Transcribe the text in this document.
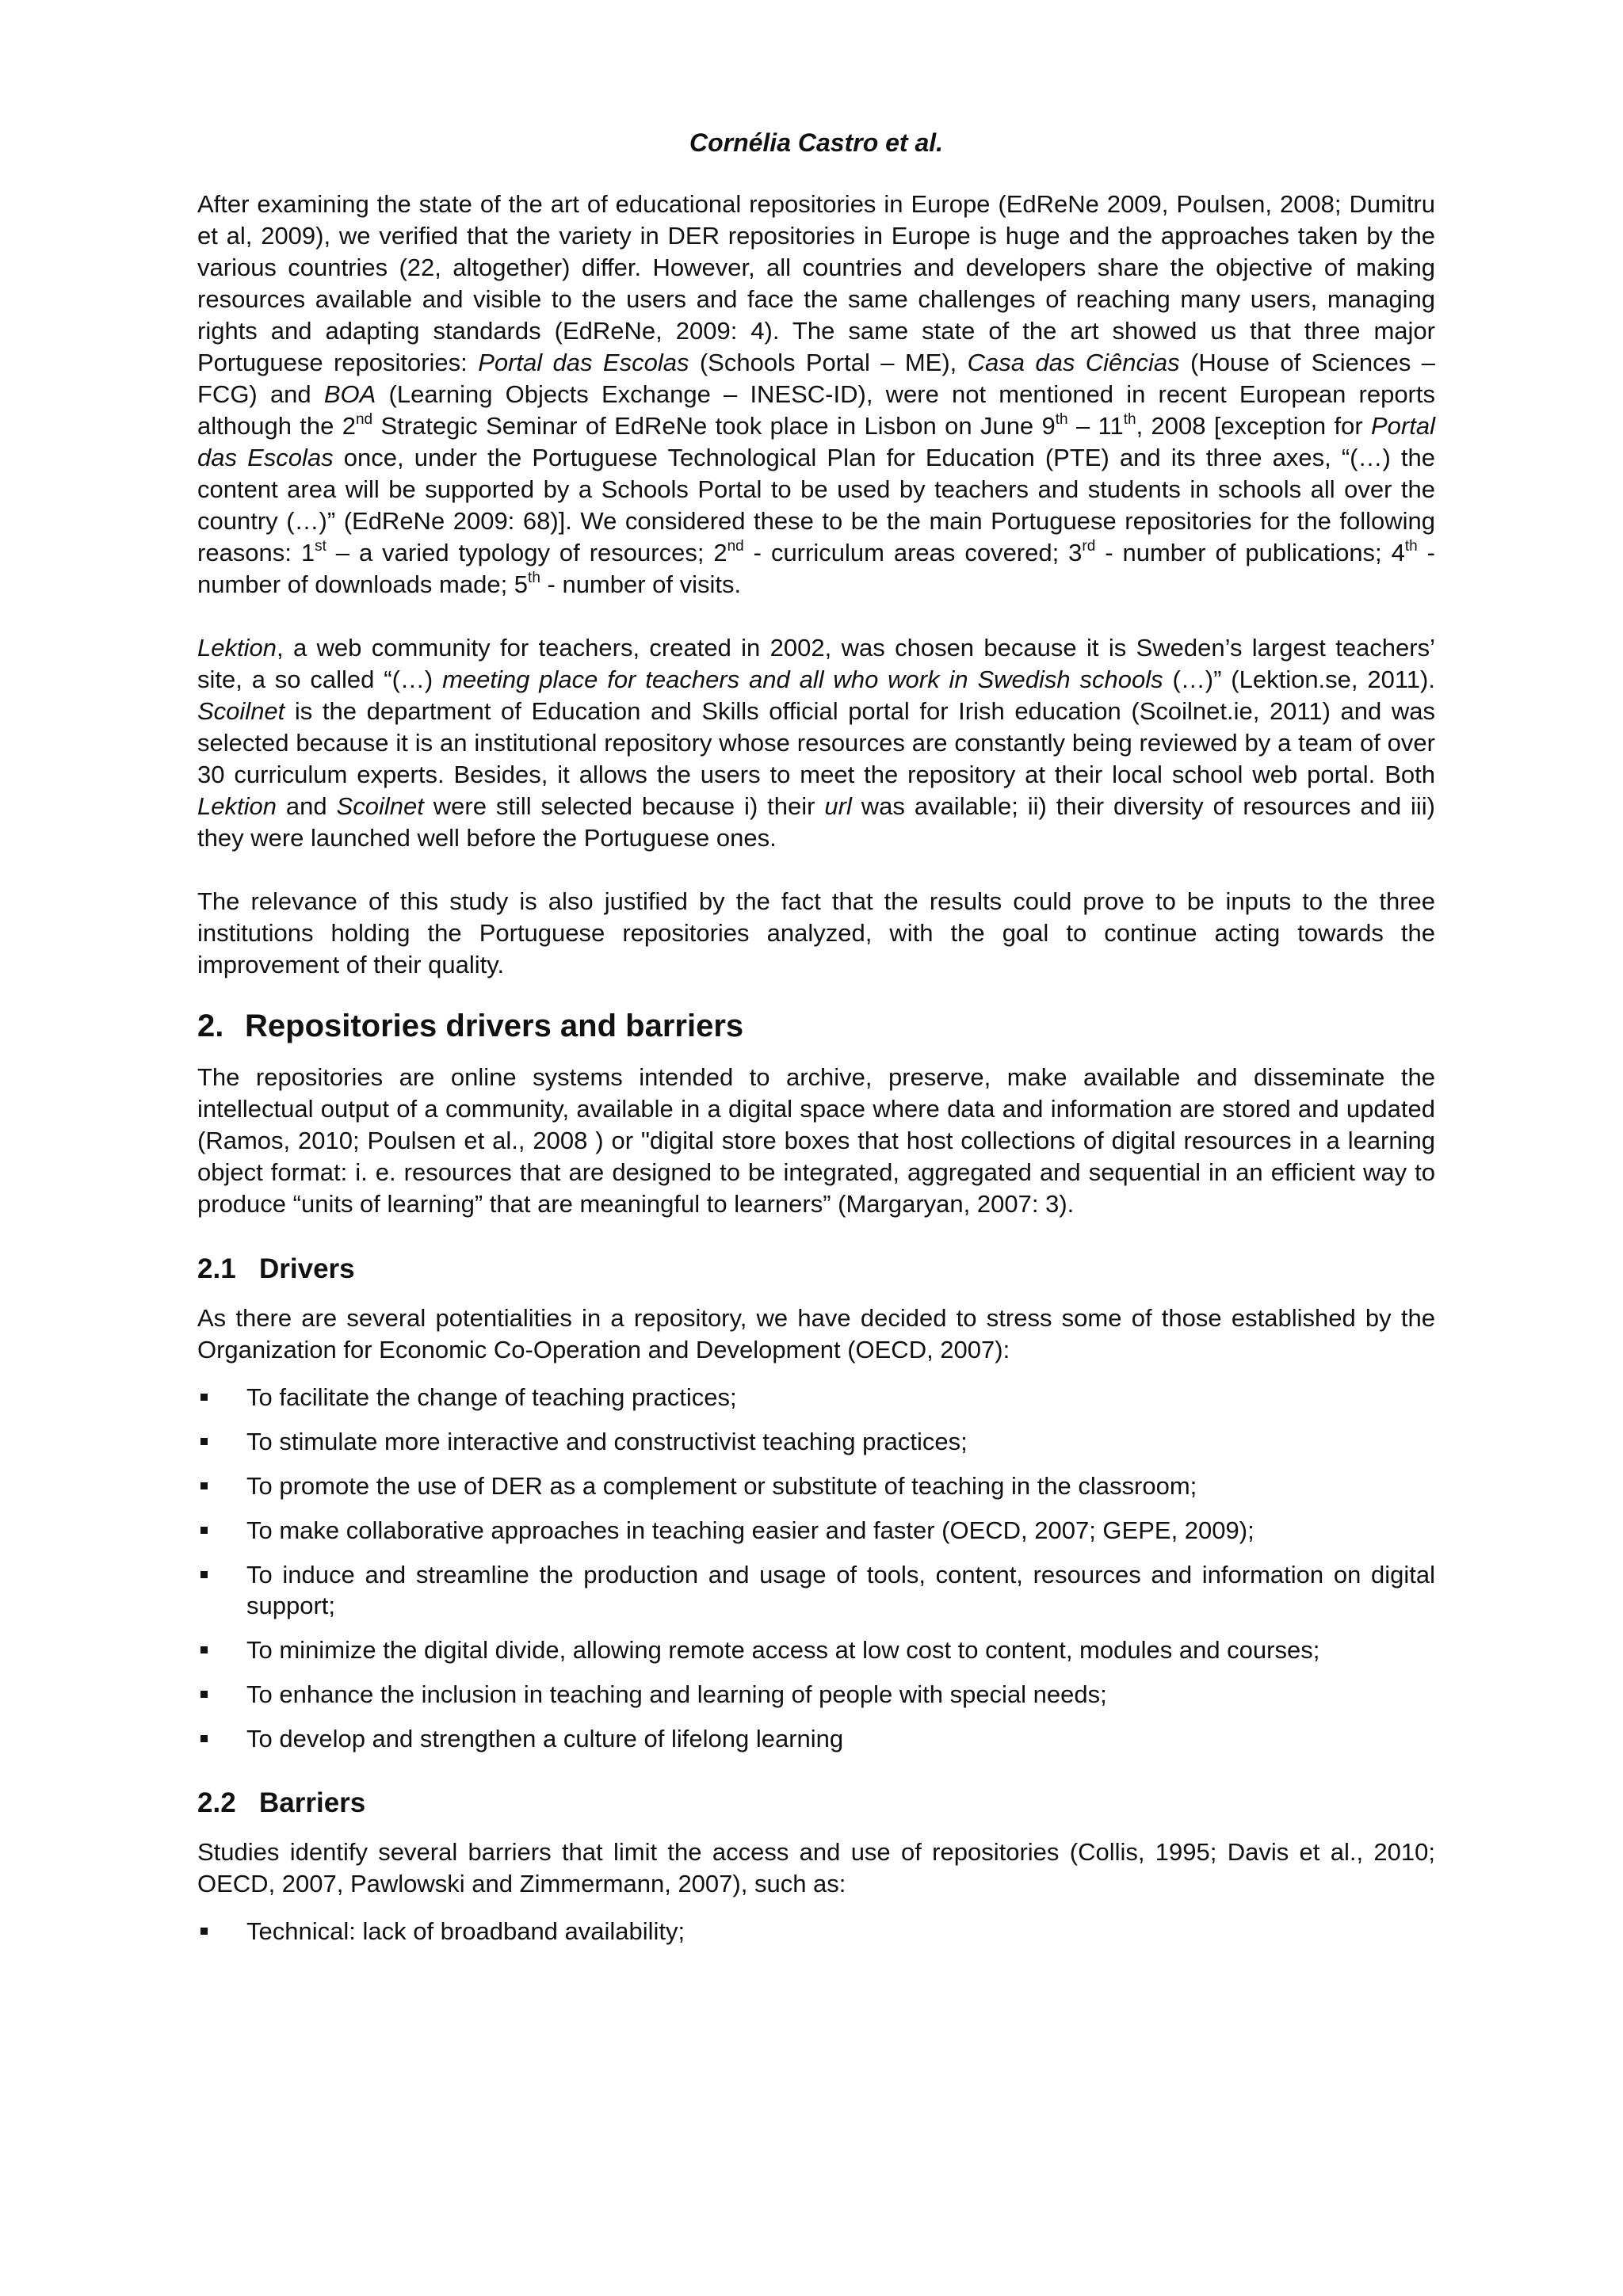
Cornélia Castro et al.

After examining the state of the art of educational repositories in Europe (EdReNe 2009, Poulsen, 2008; Dumitru et al, 2009), we verified that the variety in DER repositories in Europe is huge and the approaches taken by the various countries (22, altogether) differ. However, all countries and developers share the objective of making resources available and visible to the users and face the same challenges of reaching many users, managing rights and adapting standards (EdReNe, 2009: 4). The same state of the art showed us that three major Portuguese repositories: Portal das Escolas (Schools Portal – ME), Casa das Ciências (House of Sciences – FCG) and BOA (Learning Objects Exchange – INESC-ID), were not mentioned in recent European reports although the 2nd Strategic Seminar of EdReNe took place in Lisbon on June 9th – 11th, 2008 [exception for Portal das Escolas once, under the Portuguese Technological Plan for Education (PTE) and its three axes, “(…) the content area will be supported by a Schools Portal to be used by teachers and students in schools all over the country (…)” (EdReNe 2009: 68)]. We considered these to be the main Portuguese repositories for the following reasons: 1st – a varied typology of resources; 2nd - curriculum areas covered; 3rd - number of publications; 4th - number of downloads made; 5th - number of visits.

Lektion, a web community for teachers, created in 2002, was chosen because it is Sweden’s largest teachers’ site, a so called “(…) meeting place for teachers and all who work in Swedish schools (…)” (Lektion.se, 2011). Scoilnet is the department of Education and Skills official portal for Irish education (Scoilnet.ie, 2011) and was selected because it is an institutional repository whose resources are constantly being reviewed by a team of over 30 curriculum experts. Besides, it allows the users to meet the repository at their local school web portal. Both Lektion and Scoilnet were still selected because i) their url was available; ii) their diversity of resources and iii) they were launched well before the Portuguese ones.

The relevance of this study is also justified by the fact that the results could prove to be inputs to the three institutions holding the Portuguese repositories analyzed, with the goal to continue acting towards the improvement of their quality.

2. Repositories drivers and barriers

The repositories are online systems intended to archive, preserve, make available and disseminate the intellectual output of a community, available in a digital space where data and information are stored and updated (Ramos, 2010; Poulsen et al., 2008 ) or "digital store boxes that host collections of digital resources in a learning object format: i. e. resources that are designed to be integrated, aggregated and sequential in an efficient way to produce “units of learning” that are meaningful to learners” (Margaryan, 2007: 3).

2.1 Drivers

As there are several potentialities in a repository, we have decided to stress some of those established by the Organization for Economic Co-Operation and Development (OECD, 2007):

To facilitate the change of teaching practices;
To stimulate more interactive and constructivist teaching practices;
To promote the use of DER as a complement or substitute of teaching in the classroom;
To make collaborative approaches in teaching easier and faster (OECD, 2007; GEPE, 2009);
To induce and streamline the production and usage of tools, content, resources and information on digital support;
To minimize the digital divide, allowing remote access at low cost to content, modules and courses;
To enhance the inclusion in teaching and learning of people with special needs;
To develop and strengthen a culture of lifelong learning
2.2 Barriers

Studies identify several barriers that limit the access and use of repositories (Collis, 1995; Davis et al., 2010; OECD, 2007, Pawlowski and Zimmermann, 2007), such as:

Technical: lack of broadband availability;
